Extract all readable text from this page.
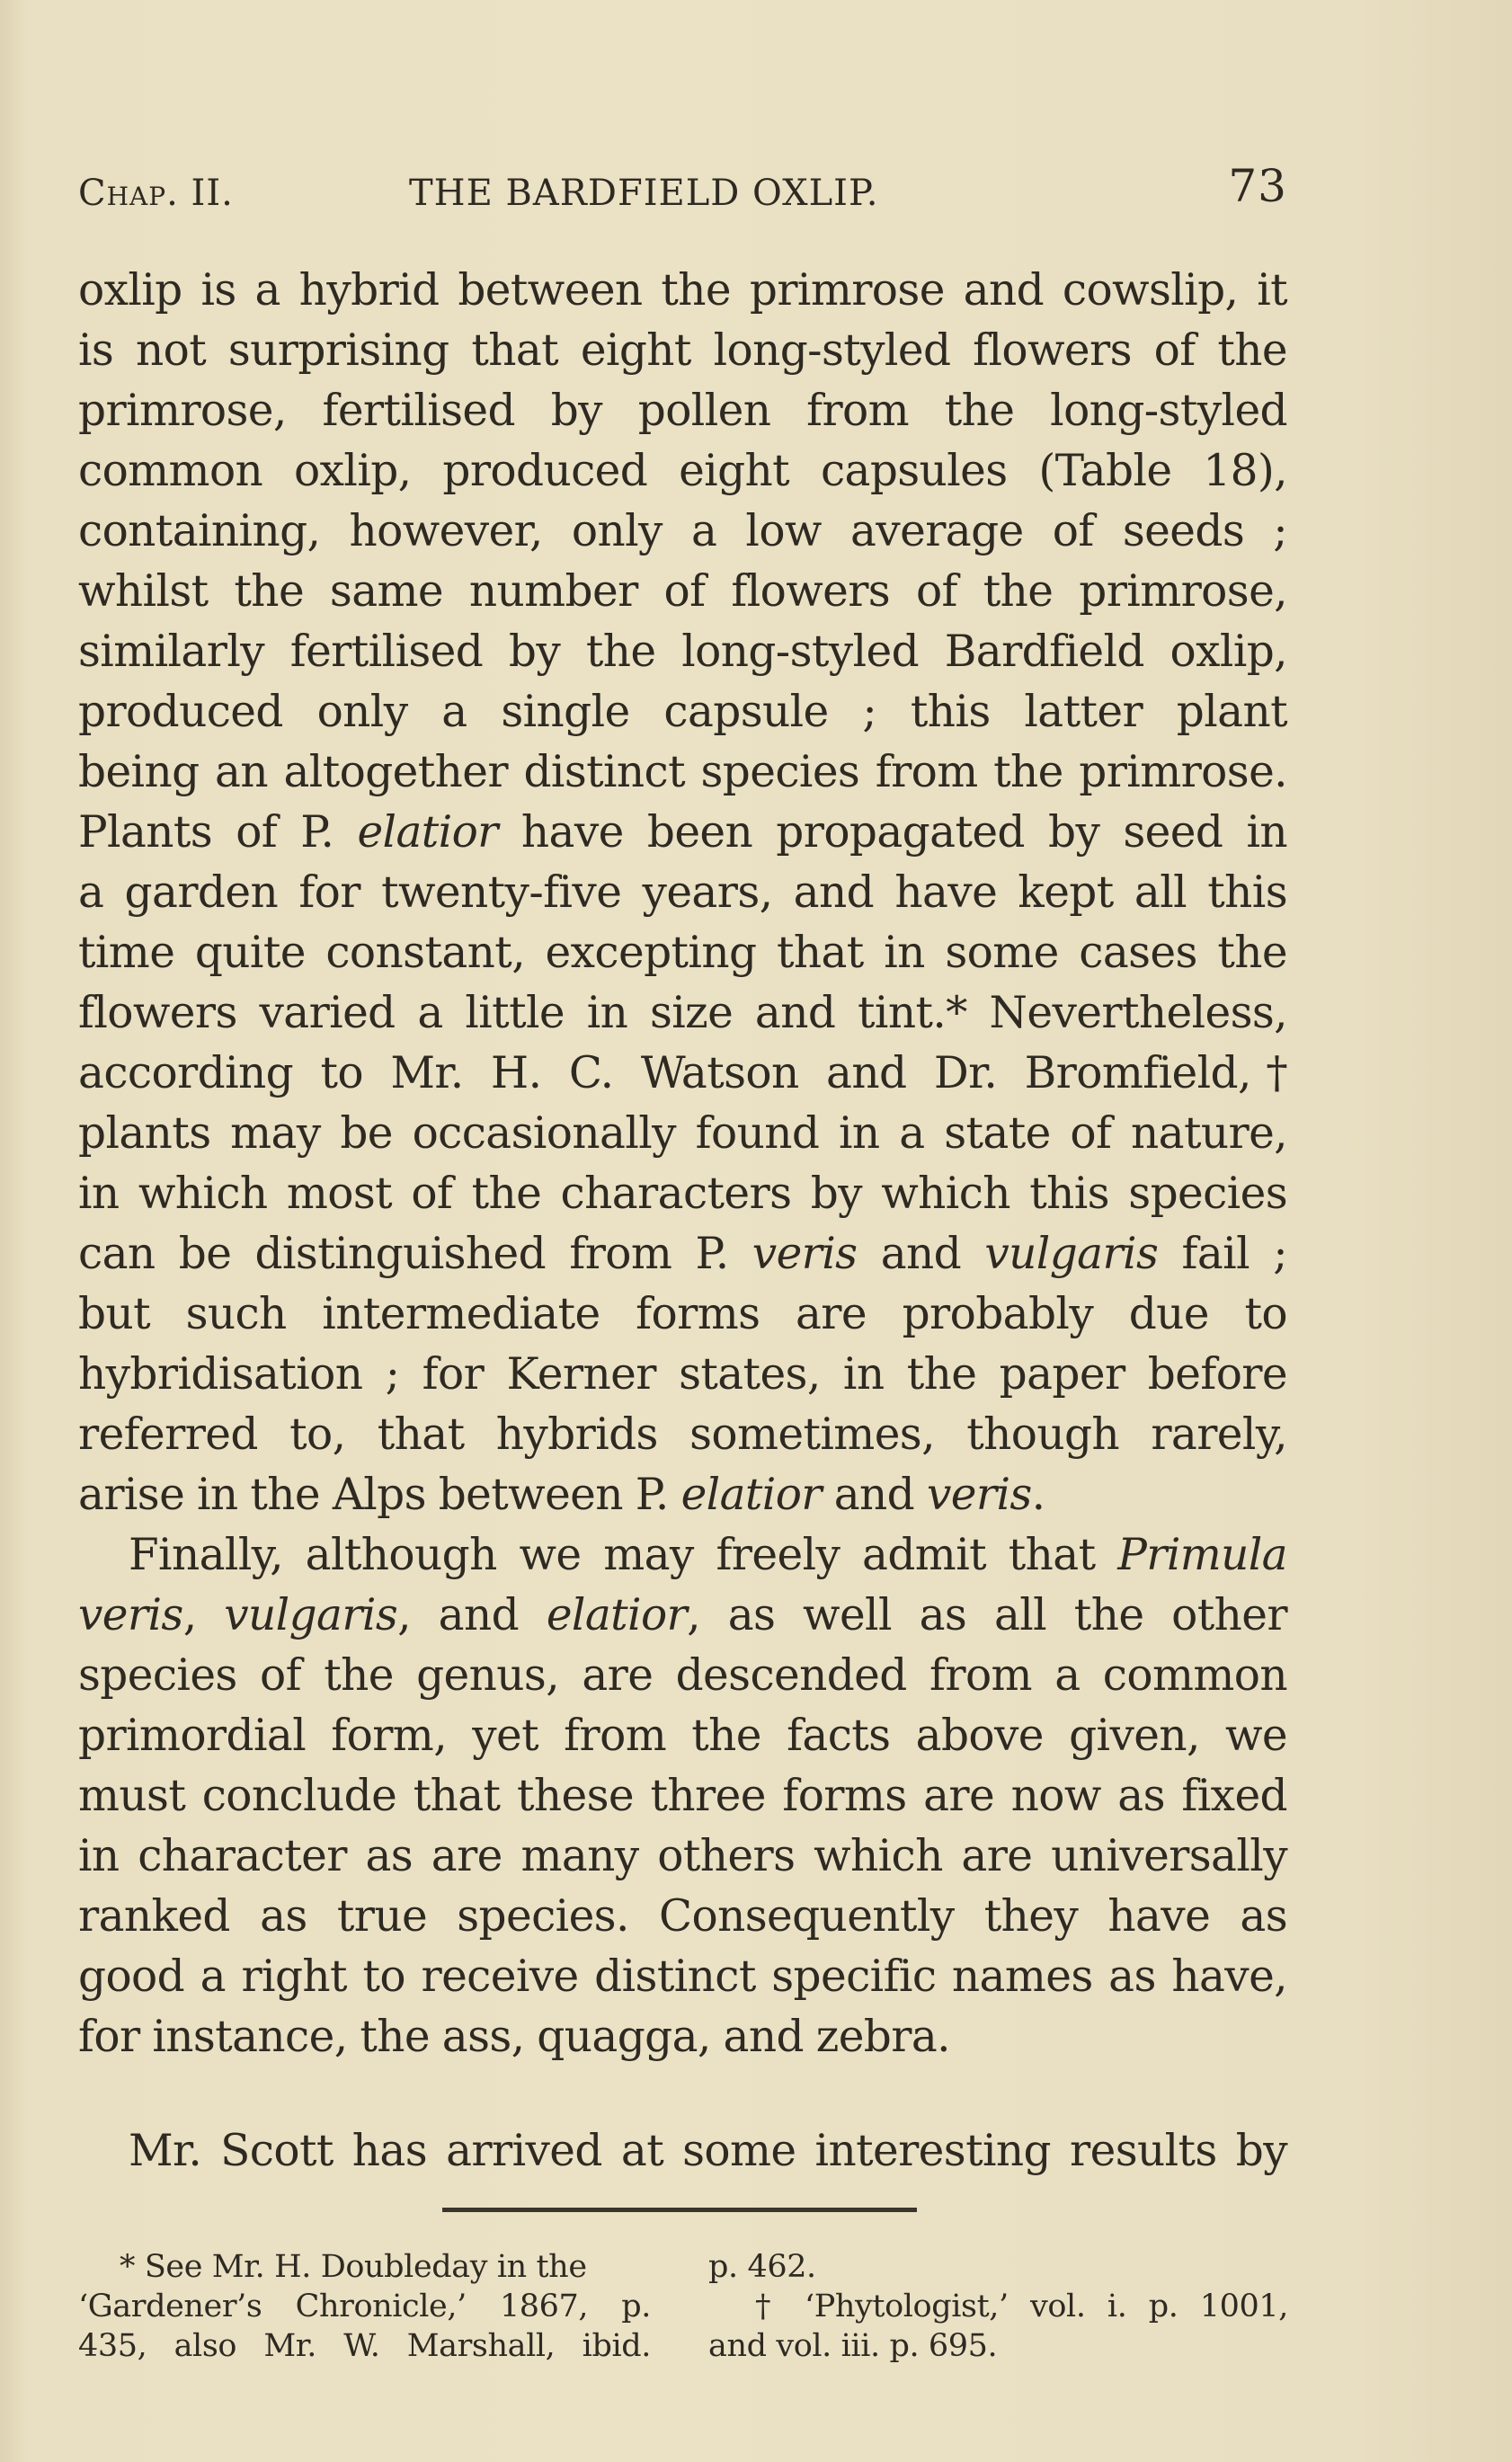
Chap. II.	THE BARDFIELD OXLIP.	73
oxlip is a hybrid between the primrose and cowslip, it
is not surprising that eight long-styled flowers of the
primrose, fertilised by pollen from the long-styled
common oxlip, produced eight capsules (Table 18),
containing, however, only a low average of seeds ;
whilst the same number of flowers of the primrose,
similarly fertilised by the long-styled Bardfield oxlip,
produced only a single capsule ; this latter plant
being an altogether distinct species from the primrose.
Plants of P. elatior have been propagated by seed in
a garden for twenty-five years, and have kept all this
time quite constant, excepting that in some cases the
flowers varied a little in size and tint.* Nevertheless,
according to Mr. H. C. Watson and Dr. Bromfield,†
plants may be occasionally found in a state of nature,
in which most of the characters by which this species
can be distinguished from P. veris and vulgaris fail ;
but such intermediate forms are probably due to
hybridisation ; for Kerner states, in the paper before
referred to, that hybrids sometimes, though rarely,
arise in the Alps between P. elatior and veris.
Finally, although we may freely admit that Primula
veris, vulgaris, and elatior, as well as all the other
species of the genus, are descended from a common
primordial form, yet from the facts above given, we
must conclude that these three forms are now as fixed
in character as are many others which are universally
ranked as true species. Consequently they have as
good a right to receive distinct specific names as have,
for instance, the ass, quagga, and zebra.
Mr. Scott has arrived at some interesting results by
* See Mr. H. Doubleday in the
‘Gardener’s Chronicle,’ 1867, p.
435, also Mr. W. Marshall, ibid.
p. 462.
† ‘Phytologist,’ vol. i. p. 1001,
and vol. iii. p. 695.
